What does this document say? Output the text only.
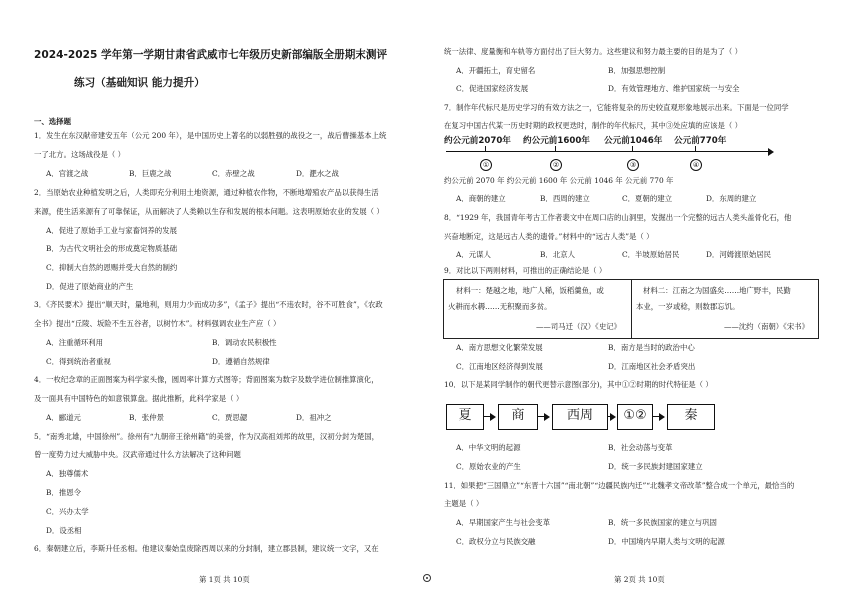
2024-2025 学年第一学期甘肃省武威市七年级历史新部编版全册期末测评
练习（基础知识 能力提升）
一、选择题
1．发生在东汉献帝建安五年（公元 200 年），是中国历史上著名的以弱胜强的战役之一，战后曹操基本上统
一了北方。这场战役是（ ）
A．官渡之战	B．巨鹿之战	C．赤壁之战	D．淝水之战
2．当原始农业种植发明之后，人类即充分利用土地资源，通过种植农作物，不断地增殖农产品以获得生活
来源，使生活来源有了可靠保证，从而解决了人类赖以生存和发展的根本问题。这表明原始农业的发展（ ）
A．促进了原始手工业与家畜饲养的发展
B．为古代文明社会的形成奠定物质基础
C．抑制大自然的恩赐并受大自然的制约
D．促进了原始商业的产生
3．《齐民要术》提出“顺天时，量地利，则用力少而成功多”，《孟子》提出“不违农时，谷不可胜食”，《农政
全书》提出“丘陵、坂险不生五谷者，以树竹木”。材料强调农业生产应（ ）
A．注重循环利用	B．调动农民积极性
C．得到统治者重视	D．遵循自然规律
4．一枚纪念章的正面图案为科学家头像，圆周率计算方式图等；背面图案为数字及数学进位制推算演化，
及一面具有中国特色的如意银算盘。据此推断，此科学家是（ ）
A．郦道元	B．张仲景	C．贾思勰	D．祖冲之
5．“南秀北雄，中国徐州”。徐州有“九朝帝王徐州籍”的美誉，作为汉高祖刘邦的故里，汉初分封为楚国，
曾一度势力过大威胁中央。汉武帝通过什么方法解决了这种问题
A．独尊儒术
B．推恩令
C．兴办太学
D．设丞相
6．秦朝建立后，李斯升任丞相。他建议秦始皇废除西周以来的分封制，建立郡县制，建议统一文字，又在
第 1页 共 10页	第 2页 共 10页
统一法律、度量衡和车轨等方面付出了巨大努力。这些建议和努力最主要的目的是为了（ ）
A．开疆拓土，育史留名	B．加强思想控制
C．促进国家经济发展	D．有效管理地方、维护国家统一与安全
7．制作年代标尺是历史学习的有效方法之一，它能将复杂的历史较直观形象地展示出来。下面是一位同学
在复习中国古代某一历史时期的政权更迭时，制作的年代标尺，其中③处应填的应该是（ ）
约公元前2070年 约公元前1600年 公元前1046年 公元前770年
①	②	③	④
约公元前 2070 年 约公元前 1600 年 公元前 1046 年 公元前 770 年
A．商朝的建立	B．西周的建立	C．夏朝的建立	D．东周的建立
8．“1929 年，我国青年考古工作者裴文中在周口店的山洞里，发掘出一个完整的远古人类头盖骨化石，他
兴奋地断定，这是远古人类的遗骨。”材料中的“远古人类”是（ ）
A．元谋人	B．北京人	C．半坡原始居民	D．河姆渡原始居民
9．对比以下两则材料，可推出的正确结论是（ ）
材料一：楚越之地，地广人稀，饭稻羹鱼，或
火耕而水耨……无积聚而多贫。
——司马迁（汉）《史记》
材料二：江南之为国盛矣……地广野丰，民勤
本业，一岁或稔，则数郡忘饥。
——沈约（南朝）《宋书》
A．南方思想文化繁荣发展	B．南方是当时的政治中心
C．江南地区经济得到发展	D．江南地区社会矛盾突出
10．以下是某同学制作的朝代更替示意图(部分)，其中①②时期的时代特征是（ ）
夏	商	西周	①②	秦
A．中华文明的起源	B．社会动荡与变革
C．原始农业的产生	D．统一多民族封建国家建立
11．如果把“三国鼎立”“东晋十六国”“南北朝”“边疆民族内迁”“北魏孝文帝改革”整合成一个单元，最恰当的
主题是（ ）
A．早期国家产生与社会变革	B．统一多民族国家的建立与巩固
C．政权分立与民族交融	D．中国境内早期人类与文明的起源
